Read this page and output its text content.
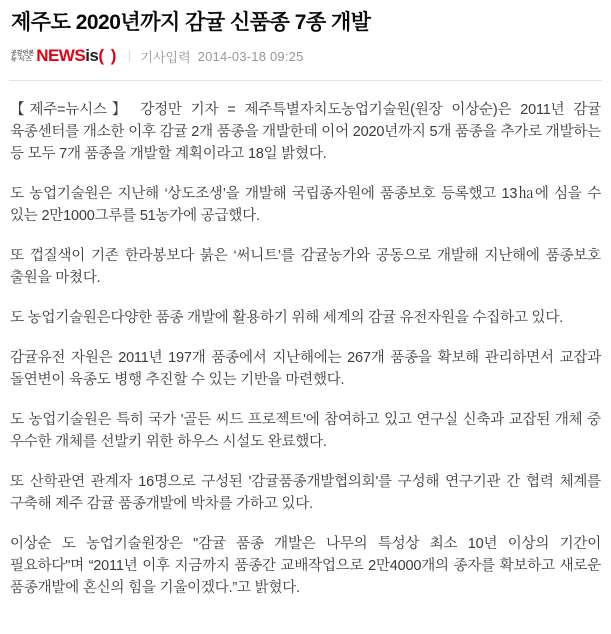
제주도 2020년까지 감귤 신품종 7종 개발
공감언론
뉴 시 스 NEWS is ( ) 기사입력 2014-03-18 09:25

【제주=뉴시스】 강정만 기자 = 제주특별자치도농업기술원(원장 이상순)은 2011년 감귤 육종센터를 개소한 이후 감귤 2개 품종을 개발한데 이어 2020년까지 5개 품종을 추가로 개발하는 등 모두 7개 품종을 개발할 계획이라고 18일 밝혔다.

도 농업기술원은 지난해 ‘상도조생’을 개발해 국립종자원에 품종보호 등록했고 13㏊에 심을 수 있는 2만1000그루를 51농가에 공급했다.

또 껍질색이 기존 한라봉보다 붉은 ‘써니트’를 감귤농가와 공동으로 개발해 지난해에 품종보호 출원을 마쳤다.

도 농업기술원은다양한 품종 개발에 활용하기 위해 세계의 감귤 유전자원을 수집하고 있다.

감귤유전 자원은 2011년 197개 품종에서 지난해에는 267개 품종을 확보해 관리하면서 교잡과 돌연변이 육종도 병행 추진할 수 있는 기반을 마련했다.

도 농업기술원은 특히 국가 '골든 씨드 프로젝트'에 참여하고 있고 연구실 신축과 교잡된 개체 중 우수한 개체를 선발키 위한 하우스 시설도 완료했다.

또 산학관연 관계자 16명으로 구성된 '감귤품종개발협의회'를 구성해 연구기관 간 협력 체계를 구축해 제주 감귤 품종개발에 박차를 가하고 있다.

이상순 도 농업기술원장은 "감귤 품종 개발은 나무의 특성상 최소 10년 이상의 기간이 필요하다"며 “2011년 이후 지금까지 품종간 교배작업으로 2만4000개의 종자를 확보하고 새로운 품종개발에 혼신의 힘을 기울이겠다.”고 밝혔다.
